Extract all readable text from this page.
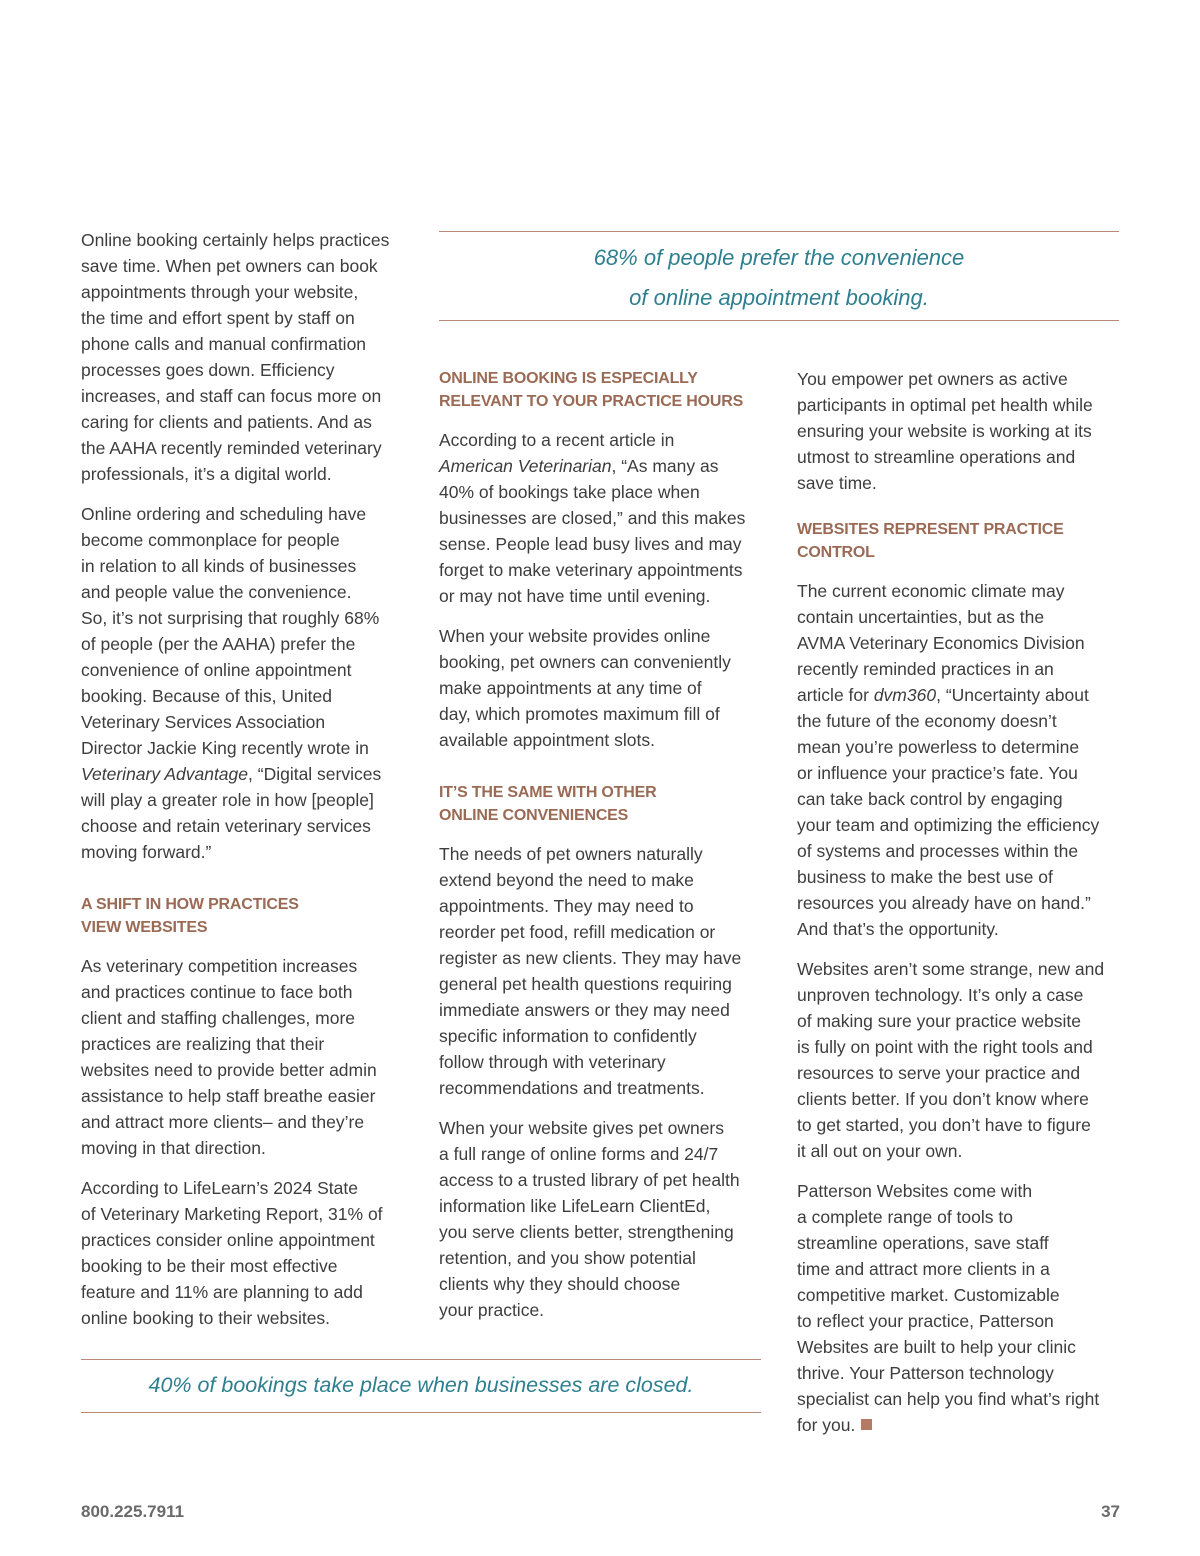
Online booking certainly helps practices
save time. When pet owners can book
appointments through your website,
the time and effort spent by staff on
phone calls and manual confirmation
processes goes down. Efficiency
increases, and staff can focus more on
caring for clients and patients. And as
the AAHA recently reminded veterinary
professionals, it’s a digital world.

Online ordering and scheduling have
become commonplace for people
in relation to all kinds of businesses
and people value the convenience.
So, it’s not surprising that roughly 68%
of people (per the AAHA) prefer the
convenience of online appointment
booking. Because of this, United
Veterinary Services Association
Director Jackie King recently wrote in
Veterinary Advantage, “Digital services
will play a greater role in how [people]
choose and retain veterinary services
moving forward.”

A SHIFT IN HOW PRACTICES
VIEW WEBSITES

As veterinary competition increases
and practices continue to face both
client and staffing challenges, more
practices are realizing that their
websites need to provide better admin
assistance to help staff breathe easier
and attract more clients– and they’re
moving in that direction.

According to LifeLearn’s 2024 State
of Veterinary Marketing Report, 31% of
practices consider online appointment
booking to be their most effective
feature and 11% are planning to add
online booking to their websites.

68% of people prefer the convenience
of online appointment booking.
ONLINE BOOKING IS ESPECIALLY
RELEVANT TO YOUR PRACTICE HOURS

According to a recent article in
American Veterinarian, “As many as
40% of bookings take place when
businesses are closed,” and this makes
sense. People lead busy lives and may
forget to make veterinary appointments
or may not have time until evening.

When your website provides online
booking, pet owners can conveniently
make appointments at any time of
day, which promotes maximum fill of
available appointment slots.

IT’S THE SAME WITH OTHER
ONLINE CONVENIENCES

The needs of pet owners naturally
extend beyond the need to make
appointments. They may need to
reorder pet food, refill medication or
register as new clients. They may have
general pet health questions requiring
immediate answers or they may need
specific information to confidently
follow through with veterinary
recommendations and treatments.

When your website gives pet owners
a full range of online forms and 24/7
access to a trusted library of pet health
information like LifeLearn ClientEd,
you serve clients better, strengthening
retention, and you show potential
clients why they should choose
your practice.

You empower pet owners as active
participants in optimal pet health while
ensuring your website is working at its
utmost to streamline operations and
save time.

WEBSITES REPRESENT PRACTICE CONTROL

The current economic climate may
contain uncertainties, but as the
AVMA Veterinary Economics Division
recently reminded practices in an
article for dvm360, “Uncertainty about
the future of the economy doesn’t
mean you’re powerless to determine
or influence your practice’s fate. You
can take back control by engaging
your team and optimizing the efficiency
of systems and processes within the
business to make the best use of
resources you already have on hand.”
And that’s the opportunity.

Websites aren’t some strange, new and
unproven technology. It’s only a case
of making sure your practice website
is fully on point with the right tools and
resources to serve your practice and
clients better. If you don’t know where
to get started, you don’t have to figure
it all out on your own.

Patterson Websites come with
a complete range of tools to
streamline operations, save staff
time and attract more clients in a
competitive market. Customizable
to reflect your practice, Patterson
Websites are built to help your clinic
thrive. Your Patterson technology
specialist can help you find what’s right
for you.

40% of bookings take place when businesses are closed.
800.225.7911	37
